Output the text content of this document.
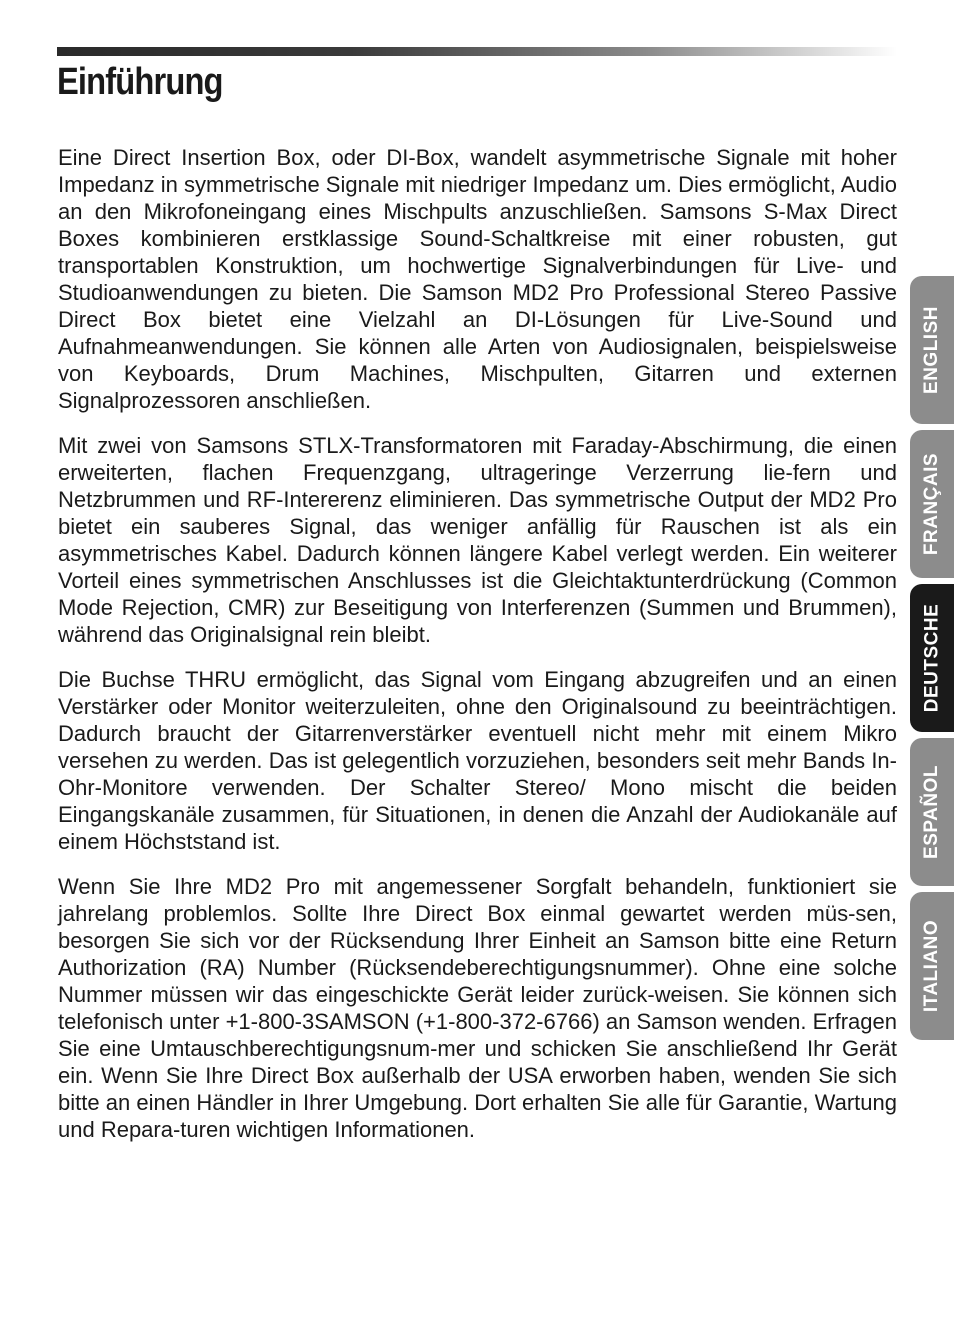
Einführung

Eine Direct Insertion Box, oder DI-Box, wandelt asymmetrische Signale mit hoher Impedanz in symmetrische Signale mit niedriger Impedanz um. Dies ermöglicht, Audio an den Mikrofoneingang eines Mischpults anzuschließen. Samsons S-Max Direct Boxes kombinieren erstklassige Sound-Schaltkreise mit einer robusten, gut transportablen Konstruktion, um hochwertige Signalverbindungen für Live- und Studioanwendungen zu bieten. Die Samson MD2 Pro Professional Stereo Passive Direct Box bietet eine Vielzahl an DI-Lösungen für Live-Sound und Aufnahmeanwendungen. Sie können alle Arten von Audiosignalen, beispielsweise von Keyboards, Drum Machines, Mischpulten, Gitarren und externen Signalprozessoren anschließen.

Mit zwei von Samsons STLX-Transformatoren mit Faraday-Abschirmung, die einen erweiterten, flachen Frequenzgang, ultrageringe Verzerrung lie-fern und Netzbrummen und RF-Intererenz eliminieren. Das symmetrische Output der MD2 Pro bietet ein sauberes Signal, das weniger anfällig für Rauschen ist als ein asymmetrisches Kabel. Dadurch können längere Kabel verlegt werden. Ein weiterer Vorteil eines symmetrischen Anschlusses ist die Gleichtaktunterdrückung (Common Mode Rejection, CMR) zur Beseitigung von Interferenzen (Summen und Brummen), während das Originalsignal rein bleibt.

Die Buchse THRU ermöglicht, das Signal vom Eingang abzugreifen und an einen Verstärker oder Monitor weiterzuleiten, ohne den Originalsound zu beeinträchtigen. Dadurch braucht der Gitarrenverstärker eventuell nicht mehr mit einem Mikro versehen zu werden. Das ist gelegentlich vorzuziehen, besonders seit mehr Bands In-Ohr-Monitore verwenden. Der Schalter Stereo/ Mono mischt die beiden Eingangskanäle zusammen, für Situationen, in denen die Anzahl der Audiokanäle auf einem Höchststand ist.

Wenn Sie Ihre MD2 Pro mit angemessener Sorgfalt behandeln, funktioniert sie jahrelang problemlos. Sollte Ihre Direct Box einmal gewartet werden müs-sen, besorgen Sie sich vor der Rücksendung Ihrer Einheit an Samson bitte eine Return Authorization (RA) Number (Rücksendeberechtigungsnummer). Ohne eine solche Nummer müssen wir das eingeschickte Gerät leider zurück-weisen. Sie können sich telefonisch unter +1-800-3SAMSON (+1-800-372-6766) an Samson wenden. Erfragen Sie eine Umtauschberechtigungsnum-mer und schicken Sie anschließend Ihr Gerät ein. Wenn Sie Ihre Direct Box außerhalb der USA erworben haben, wenden Sie sich bitte an einen Händler in Ihrer Umgebung. Dort erhalten Sie alle für Garantie, Wartung und Repara-turen wichtigen Informationen.

ENGLISH
FRANÇAIS
DEUTSCHE
ESPAÑOL
ITALIANO
